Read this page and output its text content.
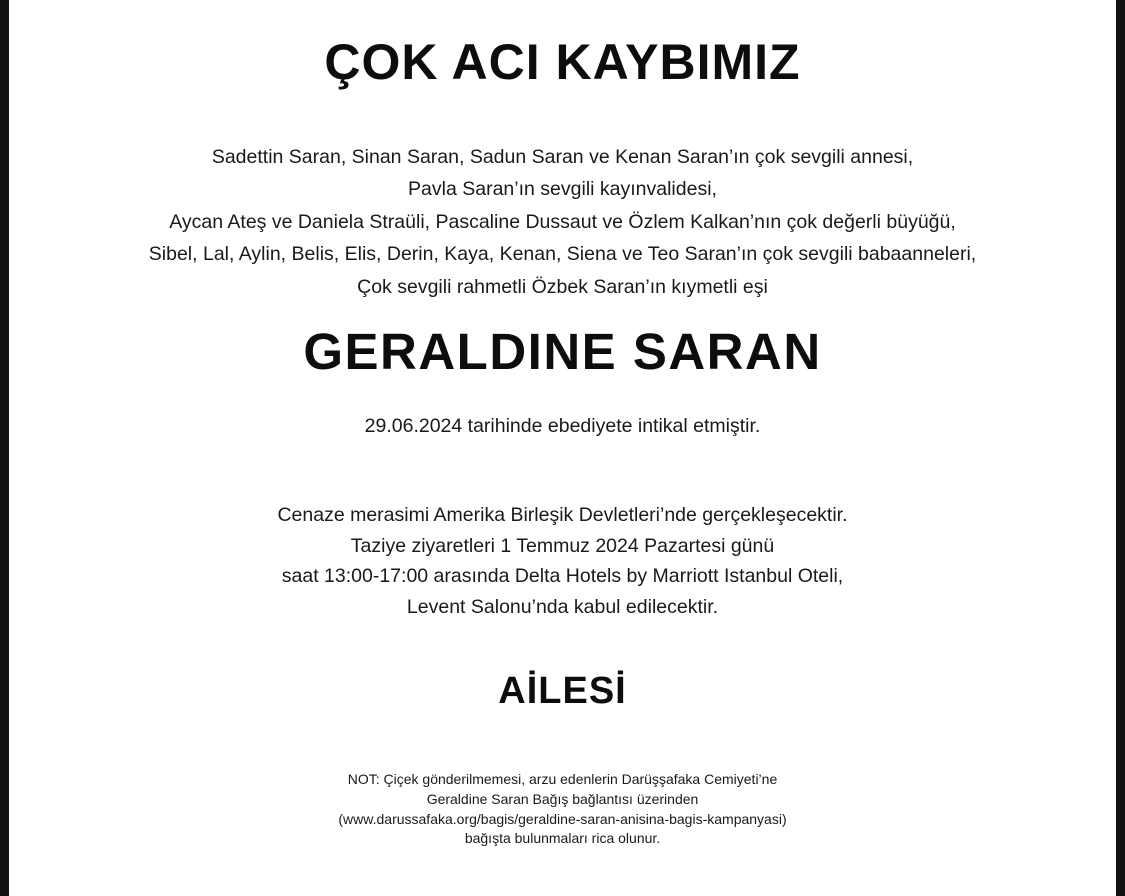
ÇOK ACI KAYBIMIZ
Sadettin Saran, Sinan Saran, Sadun Saran ve Kenan Saran’ın çok sevgili annesi,
Pavla Saran’ın sevgili kayınvalidesi,
Aycan Ateş ve Daniela Straüli, Pascaline Dussaut ve Özlem Kalkan’nın çok değerli büyüğü,
Sibel, Lal, Aylin, Belis, Elis, Derin, Kaya, Kenan, Siena ve Teo Saran’ın çok sevgili babaanneleri,
Çok sevgili rahmetli Özbek Saran’ın kıymetli eşi
GERALDINE SARAN
29.06.2024 tarihinde ebediyete intikal etmiştir.
Cenaze merasimi Amerika Birleşik Devletleri’nde gerçekleşecektir.
Taziye ziyaretleri 1 Temmuz 2024 Pazartesi günü
saat 13:00-17:00 arasında Delta Hotels by Marriott Istanbul Oteli,
Levent Salonu’nda kabul edilecektir.
AİLESİ
NOT: Çiçek gönderilmemesi, arzu edenlerin Darüşşafaka Cemiyeti’ne
Geraldine Saran Bağış bağlantısı üzerinden
(www.darussafaka.org/bagis/geraldine-saran-anisina-bagis-kampanyasi)
bağışta bulunmaları rica olunur.
